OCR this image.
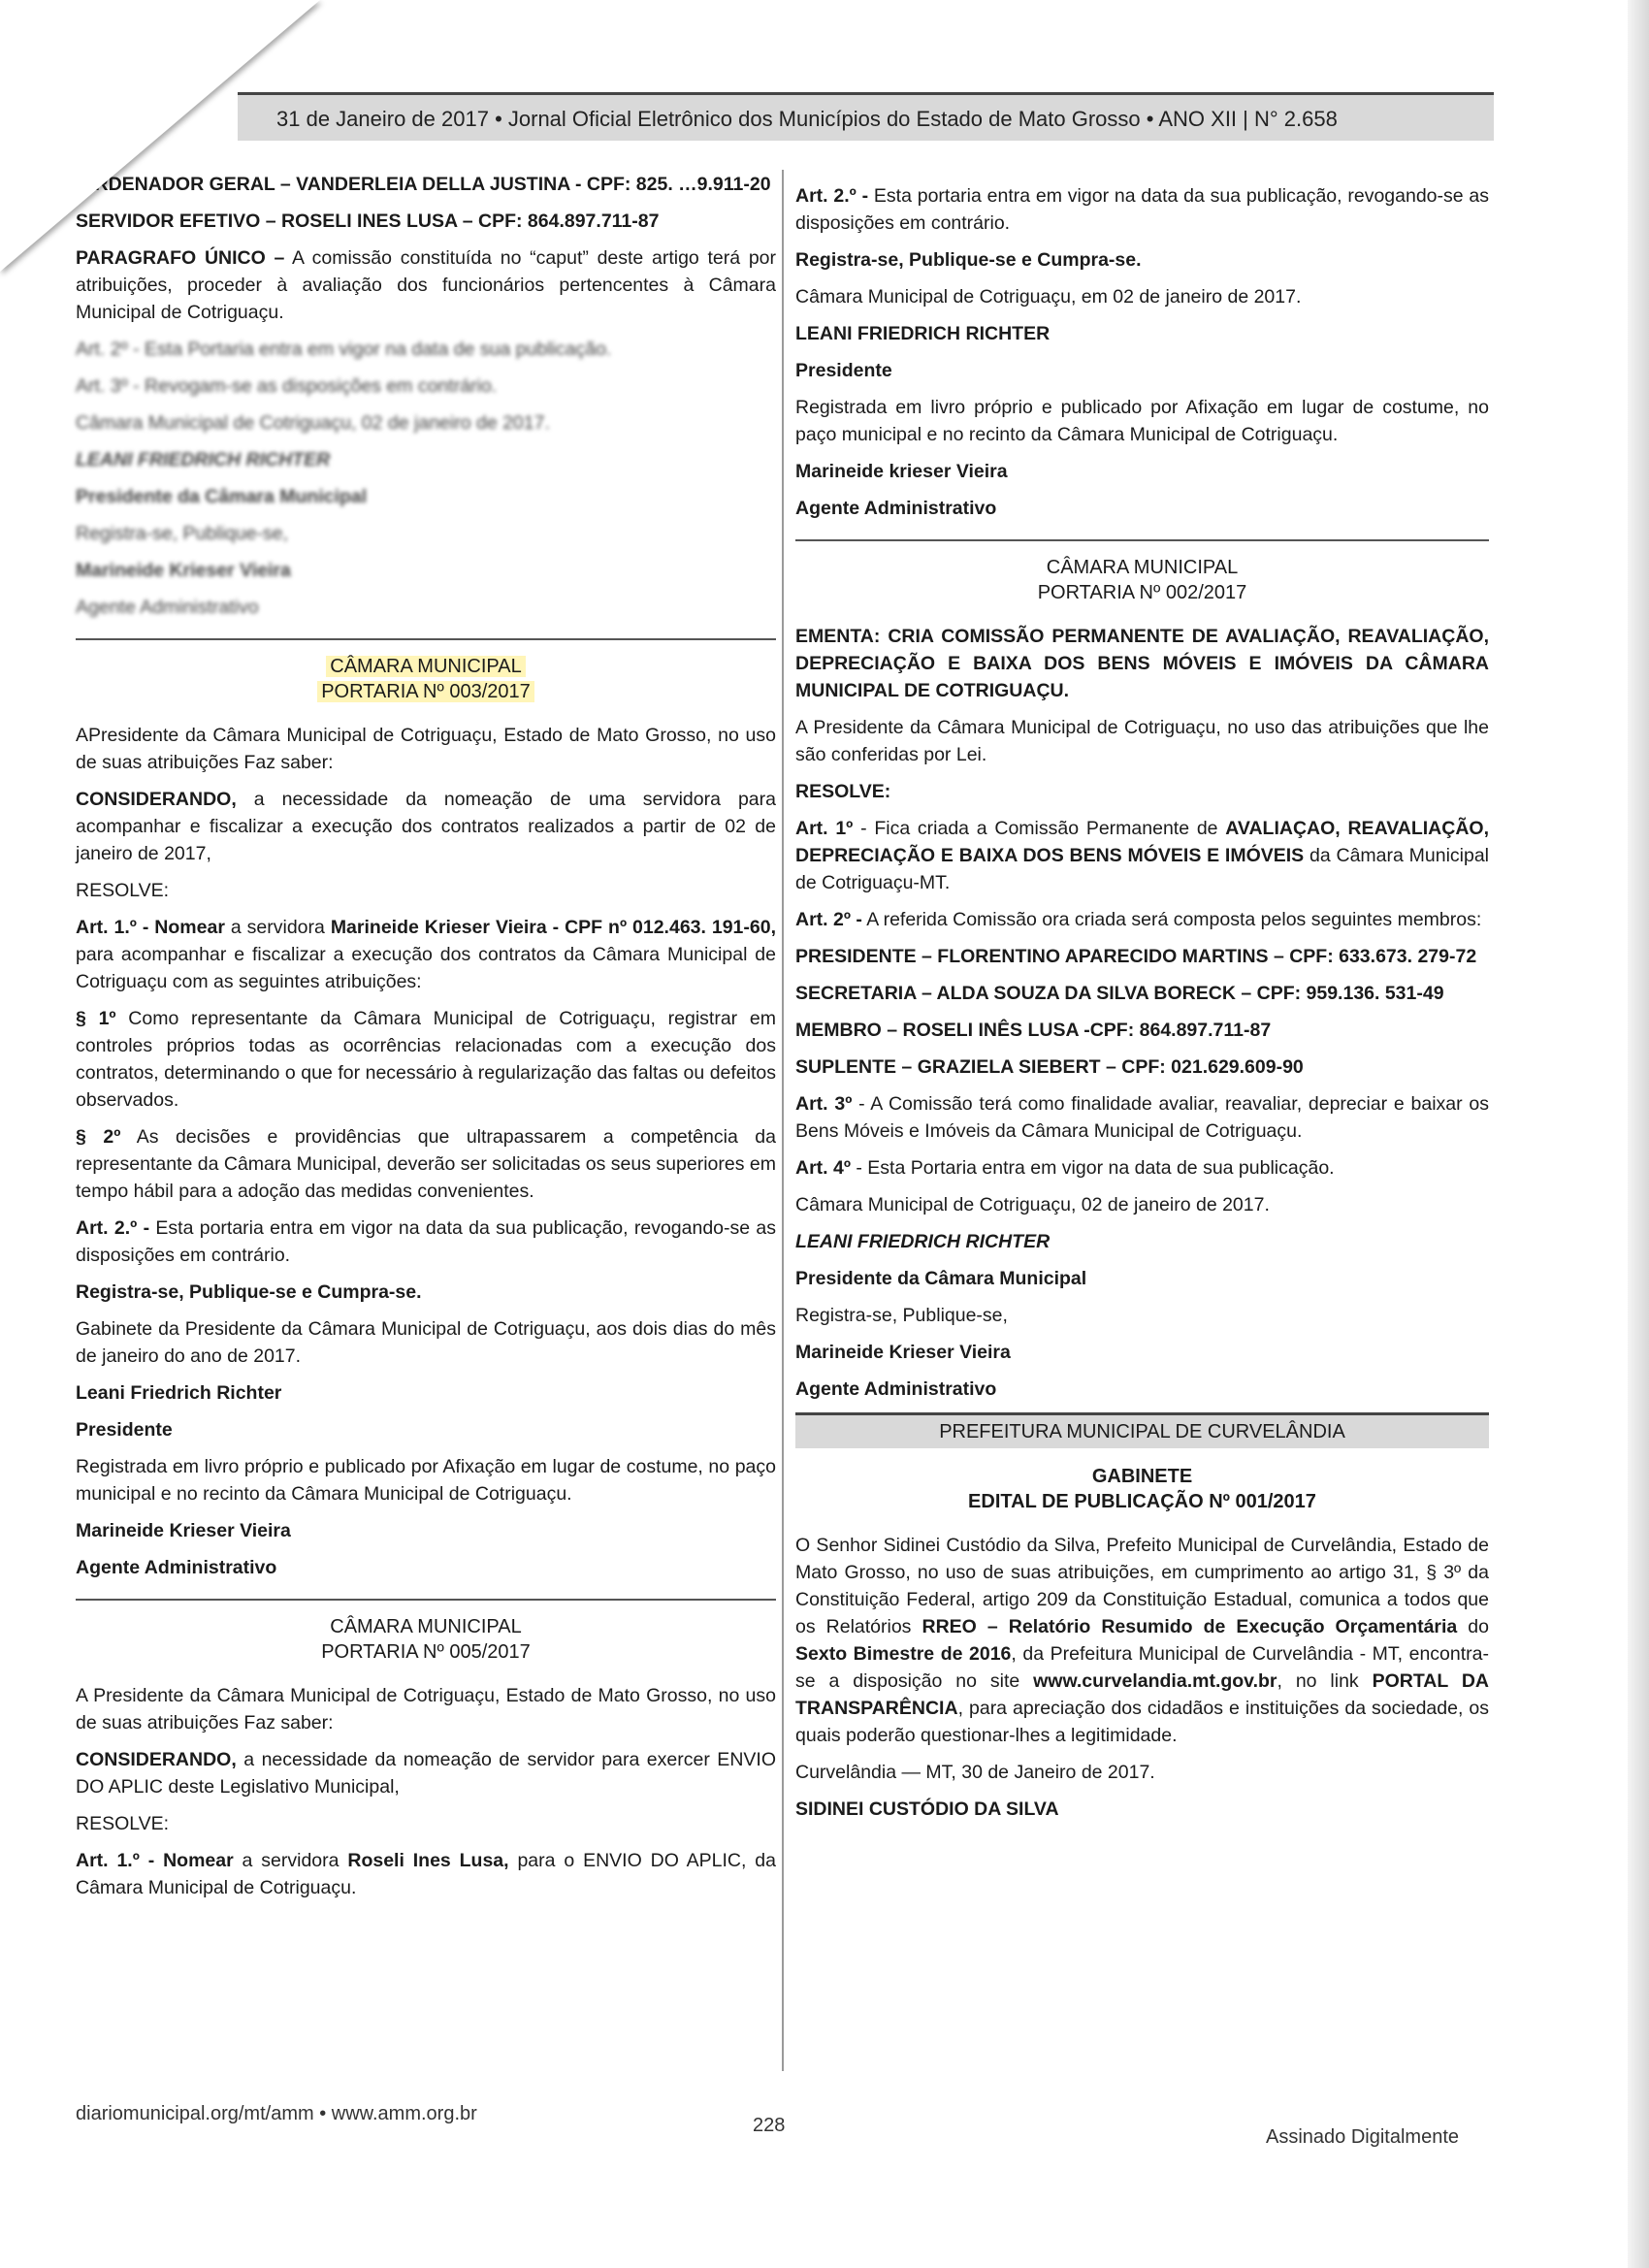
31 de Janeiro de 2017 • Jornal Oficial Eletrônico dos Municípios do Estado de Mato Grosso • ANO XII | N° 2.658

…RDENADOR GERAL – VANDERLEIA DELLA JUSTINA - CPF: 825. …9.911-20

SERVIDOR EFETIVO – ROSELI INES LUSA – CPF: 864.897.711-87

PARAGRAFO ÚNICO – A comissão constituída no “caput” deste artigo terá por atribuições, proceder à avaliação dos funcionários pertencentes à Câmara Municipal de Cotriguaçu.

Art. 2º - Esta Portaria entra em vigor na data de sua publicação.

Art. 3º - Revogam-se as disposições em contrário.

Câmara Municipal de Cotriguaçu, 02 de janeiro de 2017.

LEANI FRIEDRICH RICHTER

Presidente da Câmara Municipal

Registra-se, Publique-se,

Marineide Krieser Vieira

Agente Administrativo

CÂMARA MUNICIPAL
PORTARIA Nº 003/2017

APresidente da Câmara Municipal de Cotriguaçu, Estado de Mato Grosso, no uso de suas atribuições Faz saber:

CONSIDERANDO, a necessidade da nomeação de uma servidora para acompanhar e fiscalizar a execução dos contratos realizados a partir de 02 de janeiro de 2017,

RESOLVE:

Art. 1.º - Nomear a servidora Marineide Krieser Vieira - CPF nº 012.463. 191-60, para acompanhar e fiscalizar a execução dos contratos da Câmara Municipal de Cotriguaçu com as seguintes atribuições:

§ 1º Como representante da Câmara Municipal de Cotriguaçu, registrar em controles próprios todas as ocorrências relacionadas com a execução dos contratos, determinando o que for necessário à regularização das faltas ou defeitos observados.

§ 2º As decisões e providências que ultrapassarem a competência da representante da Câmara Municipal, deverão ser solicitadas os seus superiores em tempo hábil para a adoção das medidas convenientes.

Art. 2.º - Esta portaria entra em vigor na data da sua publicação, revogando-se as disposições em contrário.

Registra-se, Publique-se e Cumpra-se.

Gabinete da Presidente da Câmara Municipal de Cotriguaçu, aos dois dias do mês de janeiro do ano de 2017.

Leani Friedrich Richter

Presidente

Registrada em livro próprio e publicado por Afixação em lugar de costume, no paço municipal e no recinto da Câmara Municipal de Cotriguaçu.

Marineide Krieser Vieira

Agente Administrativo

CÂMARA MUNICIPAL
PORTARIA Nº 005/2017

A Presidente da Câmara Municipal de Cotriguaçu, Estado de Mato Grosso, no uso de suas atribuições Faz saber:

CONSIDERANDO, a necessidade da nomeação de servidor para exercer ENVIO DO APLIC deste Legislativo Municipal,

RESOLVE:

Art. 1.º - Nomear a servidora Roseli Ines Lusa, para o ENVIO DO APLIC, da Câmara Municipal de Cotriguaçu.

Art. 2.º - Esta portaria entra em vigor na data da sua publicação, revogando-se as disposições em contrário.

Registra-se, Publique-se e Cumpra-se.

Câmara Municipal de Cotriguaçu, em 02 de janeiro de 2017.

LEANI FRIEDRICH RICHTER

Presidente

Registrada em livro próprio e publicado por Afixação em lugar de costume, no paço municipal e no recinto da Câmara Municipal de Cotriguaçu.

Marineide krieser Vieira

Agente Administrativo

CÂMARA MUNICIPAL
PORTARIA Nº 002/2017

EMENTA: CRIA COMISSÃO PERMANENTE DE AVALIAÇÃO, REAVALIAÇÃO, DEPRECIAÇÃO E BAIXA DOS BENS MÓVEIS E IMÓVEIS DA CÂMARA MUNICIPAL DE COTRIGUAÇU.

A Presidente da Câmara Municipal de Cotriguaçu, no uso das atribuições que lhe são conferidas por Lei.

RESOLVE:

Art. 1º - Fica criada a Comissão Permanente de AVALIAÇAO, REAVALIAÇÃO, DEPRECIAÇÃO E BAIXA DOS BENS MÓVEIS E IMÓVEIS da Câmara Municipal de Cotriguaçu-MT.

Art. 2º - A referida Comissão ora criada será composta pelos seguintes membros:

PRESIDENTE – FLORENTINO APARECIDO MARTINS – CPF: 633.673. 279-72

SECRETARIA – ALDA SOUZA DA SILVA BORECK – CPF: 959.136. 531-49

MEMBRO – ROSELI INÊS LUSA -CPF: 864.897.711-87

SUPLENTE – GRAZIELA SIEBERT – CPF: 021.629.609-90

Art. 3º - A Comissão terá como finalidade avaliar, reavaliar, depreciar e baixar os Bens Móveis e Imóveis da Câmara Municipal de Cotriguaçu.

Art. 4º - Esta Portaria entra em vigor na data de sua publicação.

Câmara Municipal de Cotriguaçu, 02 de janeiro de 2017.

LEANI FRIEDRICH RICHTER

Presidente da Câmara Municipal

Registra-se, Publique-se,

Marineide Krieser Vieira

Agente Administrativo

PREFEITURA MUNICIPAL DE CURVELÂNDIA
GABINETE
EDITAL DE PUBLICAÇÃO Nº 001/2017

O Senhor Sidinei Custódio da Silva, Prefeito Municipal de Curvelândia, Estado de Mato Grosso, no uso de suas atribuições, em cumprimento ao artigo 31, § 3º da Constituição Federal, artigo 209 da Constituição Estadual, comunica a todos que os Relatórios RREO – Relatório Resumido de Execução Orçamentária do Sexto Bimestre de 2016, da Prefeitura Municipal de Curvelândia - MT, encontra-se a disposição no site www.curvelandia.mt.gov.br, no link PORTAL DA TRANSPARÊNCIA, para apreciação dos cidadãos e instituições da sociedade, os quais poderão questionar-lhes a legitimidade.

Curvelândia — MT, 30 de Janeiro de 2017.

SIDINEI CUSTÓDIO DA SILVA

diariomunicipal.org/mt/amm • www.amm.org.br
228
Assinado Digitalmente
